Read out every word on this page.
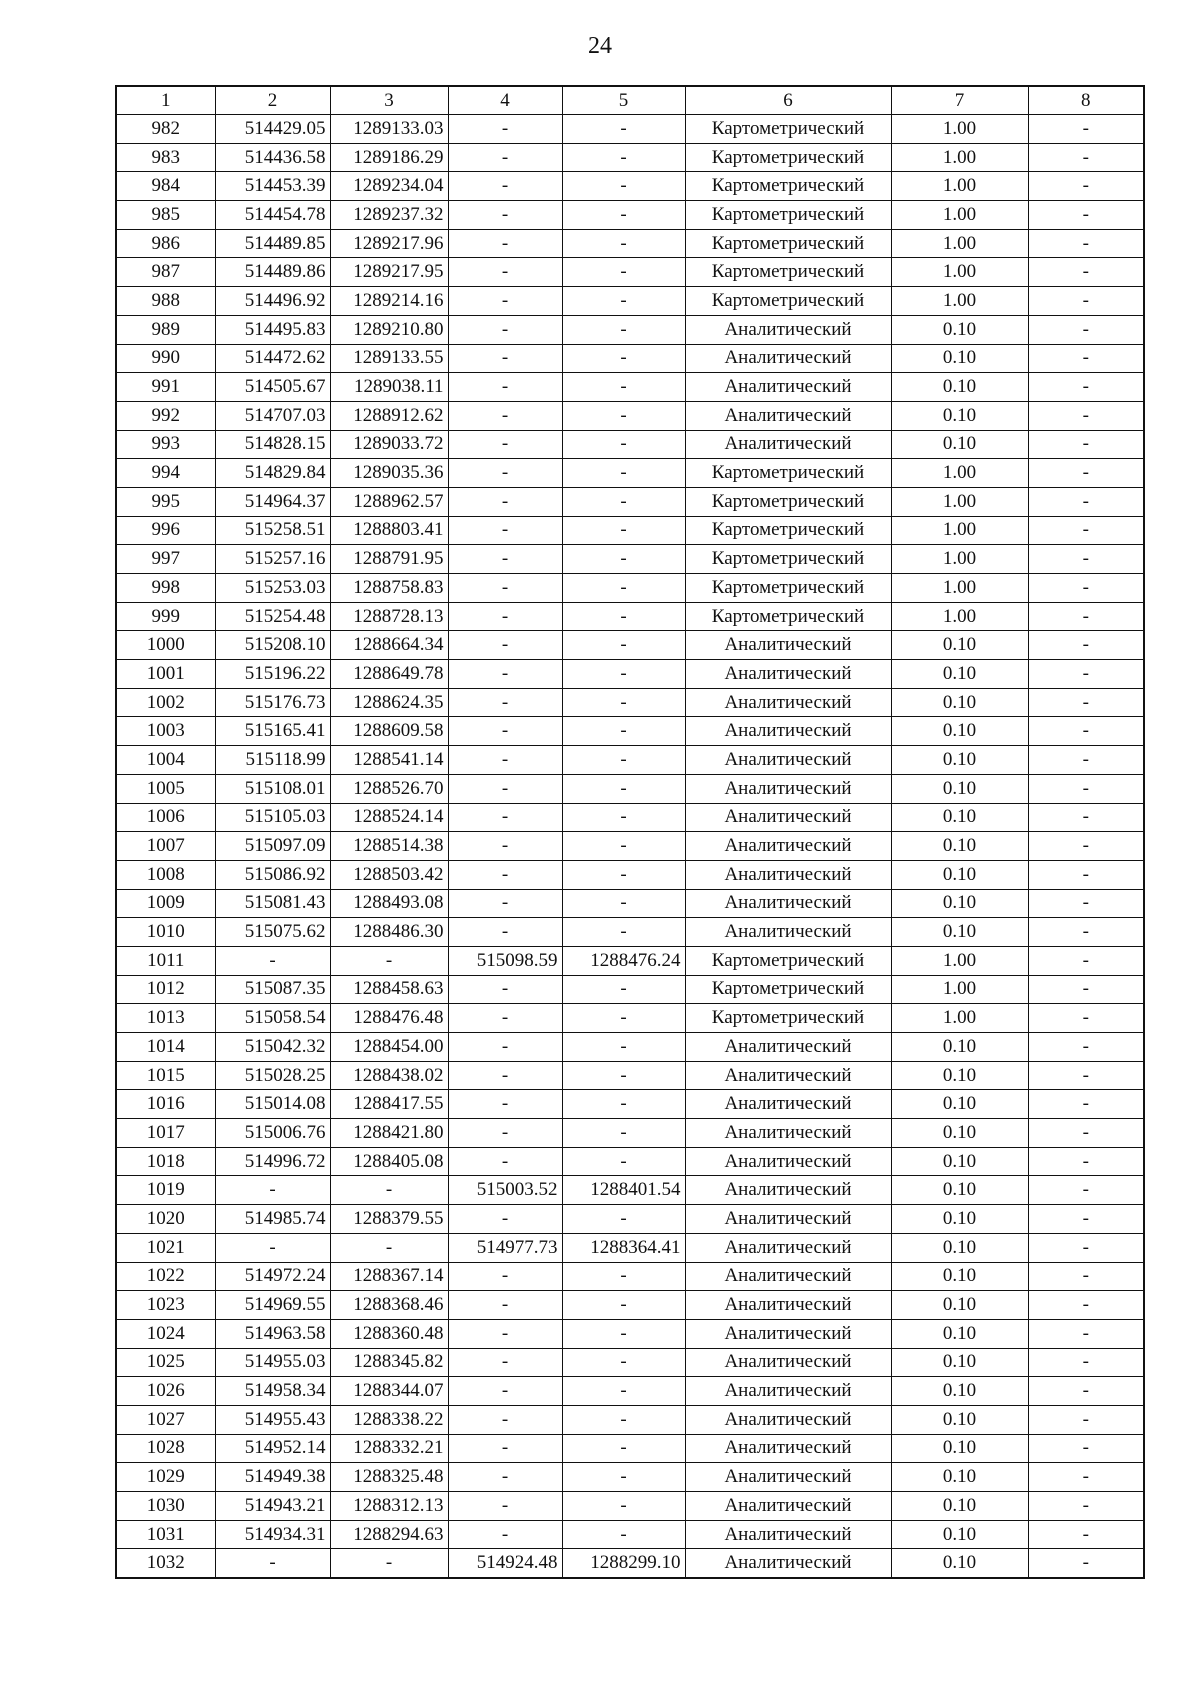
24
1	2	3	4	5	6	7	8
982	514429.05	1289133.03	-	-	Картометрический	1.00	-
983	514436.58	1289186.29	-	-	Картометрический	1.00	-
984	514453.39	1289234.04	-	-	Картометрический	1.00	-
985	514454.78	1289237.32	-	-	Картометрический	1.00	-
986	514489.85	1289217.96	-	-	Картометрический	1.00	-
987	514489.86	1289217.95	-	-	Картометрический	1.00	-
988	514496.92	1289214.16	-	-	Картометрический	1.00	-
989	514495.83	1289210.80	-	-	Аналитический	0.10	-
990	514472.62	1289133.55	-	-	Аналитический	0.10	-
991	514505.67	1289038.11	-	-	Аналитический	0.10	-
992	514707.03	1288912.62	-	-	Аналитический	0.10	-
993	514828.15	1289033.72	-	-	Аналитический	0.10	-
994	514829.84	1289035.36	-	-	Картометрический	1.00	-
995	514964.37	1288962.57	-	-	Картометрический	1.00	-
996	515258.51	1288803.41	-	-	Картометрический	1.00	-
997	515257.16	1288791.95	-	-	Картометрический	1.00	-
998	515253.03	1288758.83	-	-	Картометрический	1.00	-
999	515254.48	1288728.13	-	-	Картометрический	1.00	-
1000	515208.10	1288664.34	-	-	Аналитический	0.10	-
1001	515196.22	1288649.78	-	-	Аналитический	0.10	-
1002	515176.73	1288624.35	-	-	Аналитический	0.10	-
1003	515165.41	1288609.58	-	-	Аналитический	0.10	-
1004	515118.99	1288541.14	-	-	Аналитический	0.10	-
1005	515108.01	1288526.70	-	-	Аналитический	0.10	-
1006	515105.03	1288524.14	-	-	Аналитический	0.10	-
1007	515097.09	1288514.38	-	-	Аналитический	0.10	-
1008	515086.92	1288503.42	-	-	Аналитический	0.10	-
1009	515081.43	1288493.08	-	-	Аналитический	0.10	-
1010	515075.62	1288486.30	-	-	Аналитический	0.10	-
1011	-	-	515098.59	1288476.24	Картометрический	1.00	-
1012	515087.35	1288458.63	-	-	Картометрический	1.00	-
1013	515058.54	1288476.48	-	-	Картометрический	1.00	-
1014	515042.32	1288454.00	-	-	Аналитический	0.10	-
1015	515028.25	1288438.02	-	-	Аналитический	0.10	-
1016	515014.08	1288417.55	-	-	Аналитический	0.10	-
1017	515006.76	1288421.80	-	-	Аналитический	0.10	-
1018	514996.72	1288405.08	-	-	Аналитический	0.10	-
1019	-	-	515003.52	1288401.54	Аналитический	0.10	-
1020	514985.74	1288379.55	-	-	Аналитический	0.10	-
1021	-	-	514977.73	1288364.41	Аналитический	0.10	-
1022	514972.24	1288367.14	-	-	Аналитический	0.10	-
1023	514969.55	1288368.46	-	-	Аналитический	0.10	-
1024	514963.58	1288360.48	-	-	Аналитический	0.10	-
1025	514955.03	1288345.82	-	-	Аналитический	0.10	-
1026	514958.34	1288344.07	-	-	Аналитический	0.10	-
1027	514955.43	1288338.22	-	-	Аналитический	0.10	-
1028	514952.14	1288332.21	-	-	Аналитический	0.10	-
1029	514949.38	1288325.48	-	-	Аналитический	0.10	-
1030	514943.21	1288312.13	-	-	Аналитический	0.10	-
1031	514934.31	1288294.63	-	-	Аналитический	0.10	-
1032	-	-	514924.48	1288299.10	Аналитический	0.10	-
